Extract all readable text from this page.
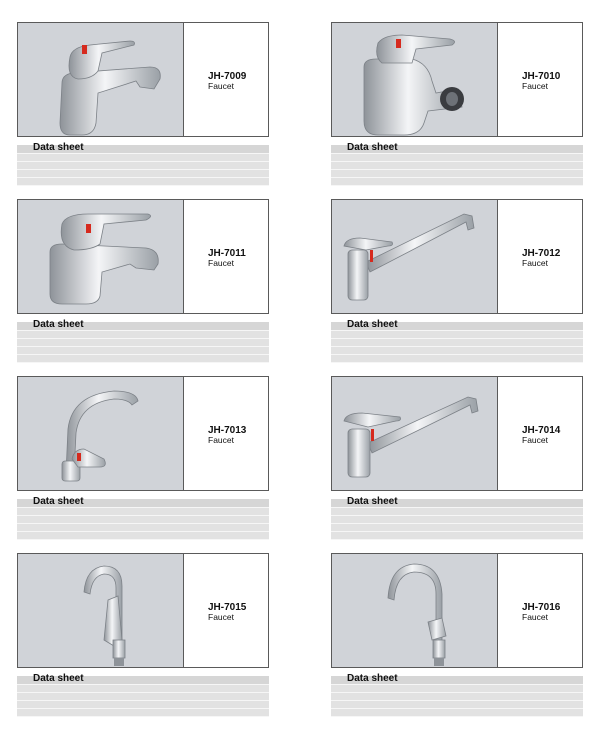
JH-7009
Faucet
Data sheet
JH-7010
Faucet
Data sheet
JH-7011
Faucet
Data sheet
JH-7012
Faucet
Data sheet
JH-7013
Faucet
Data sheet
JH-7014
Faucet
Data sheet
JH-7015
Faucet
Data sheet
JH-7016
Faucet
Data sheet
